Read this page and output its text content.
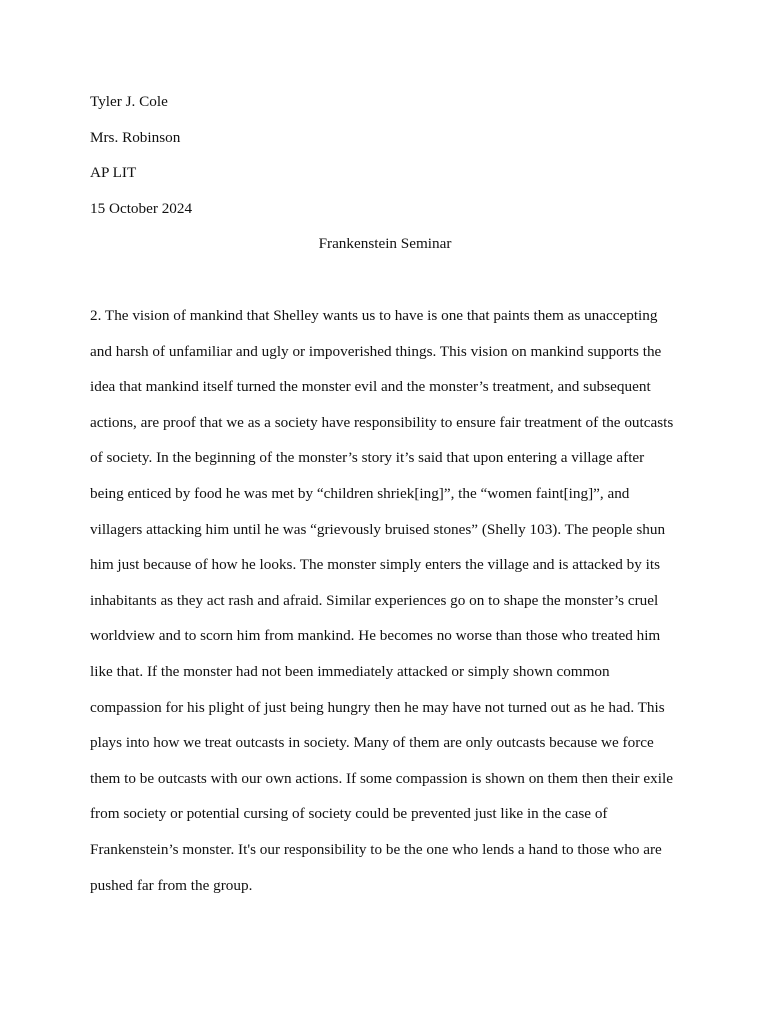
Tyler J. Cole
Mrs. Robinson
AP LIT
15 October 2024
Frankenstein Seminar
2. The vision of mankind that Shelley wants us to have is one that paints them as unaccepting
and harsh of unfamiliar and ugly or impoverished things. This vision on mankind supports the
idea that mankind itself turned the monster evil and the monster’s treatment, and subsequent
actions, are proof that we as a society have responsibility to ensure fair treatment of the outcasts
of society. In the beginning of the monster’s story it’s said that upon entering a village after
being enticed by food he was met by “children shriek[ing]”, the “women faint[ing]”, and
villagers attacking him until he was “grievously bruised stones” (Shelly 103). The people shun
him just because of how he looks. The monster simply enters the village and is attacked by its
inhabitants as they act rash and afraid. Similar experiences go on to shape the monster’s cruel
worldview and to scorn him from mankind. He becomes no worse than those who treated him
like that. If the monster had not been immediately attacked or simply shown common
compassion for his plight of just being hungry then he may have not turned out as he had. This
plays into how we treat outcasts in society. Many of them are only outcasts because we force
them to be outcasts with our own actions. If some compassion is shown on them then their exile
from society or potential cursing of society could be prevented just like in the case of
Frankenstein’s monster. It's our responsibility to be the one who lends a hand to those who are
pushed far from the group.
